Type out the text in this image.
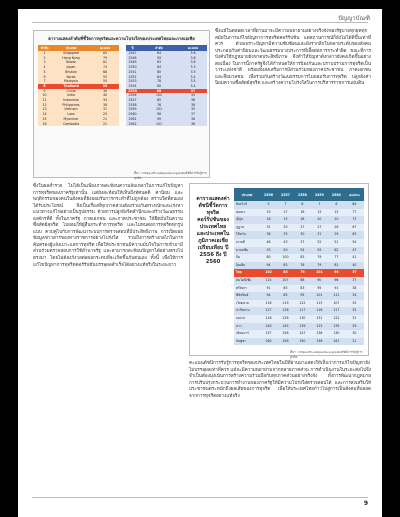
ปัญญาบัณฑิ
ตารางแสดงลำดับที่ชี้วัดการทุจริตและความโปร่งใสของประเทศไทยและภาคเอเชีย
ลำดับ	ประเทศ	คะแนน
1	Singapore	85
2	Hong Kong	79
3	Taiwan	61
4	Japan	74
5	Bhutan	68
6	Korea	55
7	Malaysia	50
8	Thailand	35
9	China	36
10	India	40
11	Indonesia	34
12	Philippines	38
13	Vietnam	31
14	Laos	25
15	Myanmar	21
16	Cambodia	21
ปี	ลำดับ	คะแนน
2547	64	3.6
2548	59	3.8
2549	63	3.6
2550	84	3.3
2551	80	3.5
2552	84	3.4
2553	78	3.5
2554	80	3.4
2555	88	37
2556	102	35
2557	85	38
2558	76	38
2559	101	35
2560	96	37
2561	99	36
2562	101	36
ที่มา : https://th.wikipedia.org/wiki/ดัชนีการรับรู้การทุจริต
ซึ่งแม้ในตลอดเวลาที่ผ่านมาจะมีความพยายามอย่างจริงจังของรัฐบาลทุกยุคทุกสมัยในการแก้ไขปัญหาการทุจริตคอร์รัปชัน แต่สถานการณ์ก็ยังไม่ได้ดีขึ้นเท่าที่ควร ด้วยเพราะปัญหามีความซับซ้อนและฝังรากลึกในหลายระดับของสังคม ประกอบกับค่านิยมและวัฒนธรรมบางประการที่เอื้อต่อการกระทำผิด ขณะที่การบังคับใช้กฎหมายยังขาดประสิทธิภาพ จึงทำให้ปัญหาดังกล่าวยังคงเกิดขึ้นอย่างต่อเนื่อง ในการนี้ภาครัฐจึงได้กำหนดให้การป้องกันและปราบปรามการทุจริตเป็นวาระแห่งชาติ พร้อมทั้งส่งเสริมการมีส่วนร่วมของภาคประชาชน ภาคเอกชน และสื่อมวลชน เพื่อร่วมกันสร้างวัฒนธรรมการไม่ยอมรับการทุจริต ปลูกฝังค่านิยมความซื่อสัตย์สุจริต และสร้างความโปร่งใสในการบริหารราชการแผ่นดิน
ซึ่งในผลสำรวจ ไม่ได้เป็นเพียงภาพสะท้อนความล้มเหลวในการแก้ไขปัญหาการทุจริตของภาครัฐเท่านั้น แต่ยังสะท้อนให้เห็นถึงทัศนคติ ค่านิยม และพฤติกรรมของคนในสังคมที่ยังยอมรับการกระทำที่ไม่ถูกต้อง ตราบใดที่ตนเองได้รับประโยชน์ จึงเป็นเรื่องที่ทุกภาคส่วนต้องร่วมกันตระหนักและเร่งหาแนวทางแก้ไขอย่างเป็นรูปธรรม ด้วยการปลูกฝังจิตสำนึกและสร้างวัฒนธรรมองค์กรที่ดี ทั้งในภาครัฐ ภาคเอกชน และภาคประชาชน ให้ยึดมั่นในความซื่อสัตย์สุจริต ไม่ยอมให้ผู้อื่นกระทำการทุจริต และไม่ทนต่อการทุจริตทุกรูปแบบ ควบคู่ไปกับการพัฒนาระบบการตรวจสอบที่มีประสิทธิภาพ การเปิดเผยข้อมูลข่าวสารของทางราชการอย่างโปร่งใส รวมถึงการสร้างกลไกในการคุ้มครองผู้แจ้งเบาะแสการทุจริต เพื่อให้ประชาชนมีความมั่นใจในการเข้ามามีส่วนร่วมตรวจสอบการใช้อำนาจรัฐ และสามารถสะท้อนปัญหาได้อย่างตรงไปตรงมา โดยไม่ต้องกังวลต่อผลกระทบที่จะเกิดขึ้นกับตนเอง ทั้งนี้ เพื่อให้การแก้ไขปัญหาการทุจริตคอร์รัปชันบรรลุผลสำเร็จได้อย่างแท้จริงในระยะยาว
ตารางแสดงค่าดัชนีชี้วัดการทุจริตคอร์รัปชันของประเทศไทยและประเทศในภูมิภาคเอเชียเปรียบเทียบ ปี 2556 ถึง ปี 2560
ประเทศ	2556	2557	2558	2559	2560	คะแนน
สิงคโปร์	5	7	8	7	6	84
ฮ่องกง	15	17	18	15	13	77
ญี่ปุ่น	18	15	18	20	20	73
ภูฏาน	31	30	27	27	26	67
ไต้หวัน	36	35	30	31	29	63
เกาหลี	46	43	37	52	51	54
มาเลเซีย	53	50	54	55	62	47
จีน	80	100	83	79	77	41
อินเดีย	94	85	76	79	81	40
ไทย	102	85	76	101	96	37
อินโดนีเซีย	114	107	88	90	96	37
ศรีลังกา	91	85	83	95	91	38
ฟิลิปปินส์	94	85	95	101	111	34
เวียดนาม	116	119	112	113	107	35
ปากีสถาน	127	126	117	116	117	32
เนปาล	116	126	130	131	122	31
ลาว	140	145	139	123	135	29
เมียนมาร์	157	156	147	136	130	30
กัมพูชา	160	156	150	156	161	21
ที่มา : https://th.wikipedia.org/wiki/ดัชนีการรับรู้การทุจริต
คะแนนดัชนีการรับรู้การทุจริตของประเทศไทยในปีที่ผ่านมาแสดงให้เห็นว่าการแก้ไขปัญหายังไม่บรรลุผลเท่าที่ควร แม้จะมีความพยายามจากหลายภาคส่วน การดำเนินงานในระยะต่อไปจึงจำเป็นต้องมุ่งเน้นการสร้างความร่วมมือกับทุกภาคส่วนอย่างจริงจัง ทั้งการพัฒนากฎหมาย การปรับปรุงกระบวนการทำงานของภาครัฐให้มีความโปร่งใสตรวจสอบได้ และการส่งเสริมให้ประชาชนตระหนักถึงผลเสียของการทุจริต เพื่อให้ประเทศไทยก้าวไปสู่การเป็นสังคมที่ปลอดจากการทุจริตอย่างแท้จริง
9
